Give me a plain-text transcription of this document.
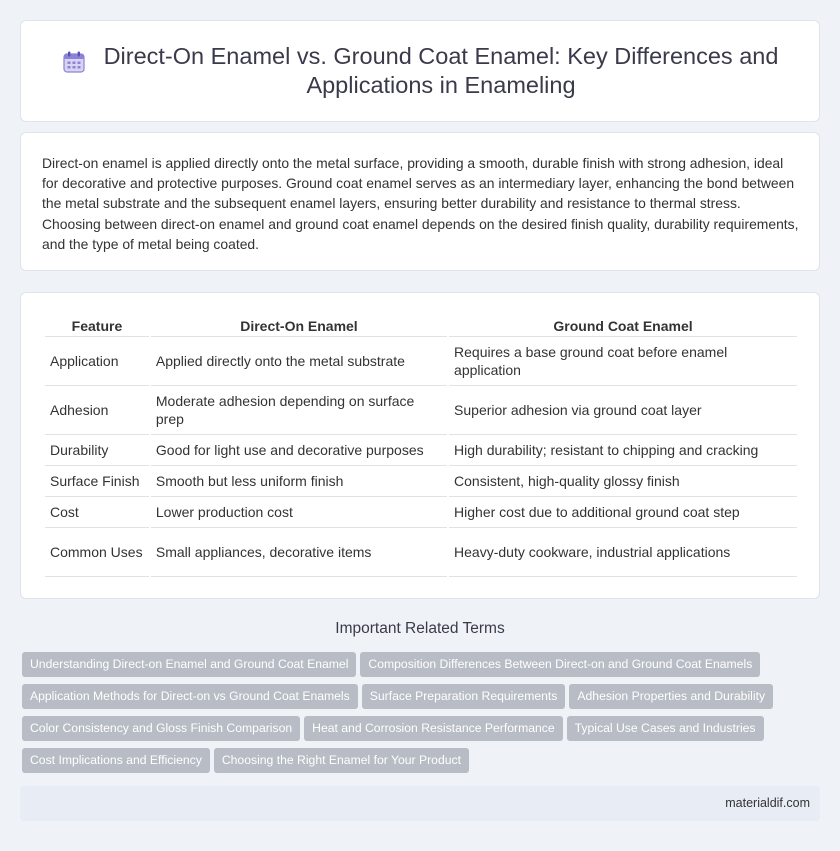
Direct-On Enamel vs. Ground Coat Enamel: Key Differences and Applications in Enameling

Direct-on enamel is applied directly onto the metal surface, providing a smooth, durable finish with strong adhesion, ideal for decorative and protective purposes. Ground coat enamel serves as an intermediary layer, enhancing the bond between the metal substrate and the subsequent enamel layers, ensuring better durability and resistance to thermal stress. Choosing between direct-on enamel and ground coat enamel depends on the desired finish quality, durability requirements, and the type of metal being coated.

Feature	Direct-On Enamel	Ground Coat Enamel
Application	Applied directly onto the metal substrate	Requires a base ground coat before enamel application
Adhesion	Moderate adhesion depending on surface prep	Superior adhesion via ground coat layer
Durability	Good for light use and decorative purposes	High durability; resistant to chipping and cracking
Surface Finish	Smooth but less uniform finish	Consistent, high-quality glossy finish
Cost	Lower production cost	Higher cost due to additional ground coat step
Common Uses	Small appliances, decorative items	Heavy-duty cookware, industrial applications
Important Related Terms
Understanding Direct-on Enamel and Ground Coat Enamel Composition Differences Between Direct-on and Ground Coat Enamels
Application Methods for Direct-on vs Ground Coat Enamels Surface Preparation Requirements Adhesion Properties and Durability
Color Consistency and Gloss Finish Comparison Heat and Corrosion Resistance Performance Typical Use Cases and Industries
Cost Implications and Efficiency Choosing the Right Enamel for Your Product
materialdif.com
